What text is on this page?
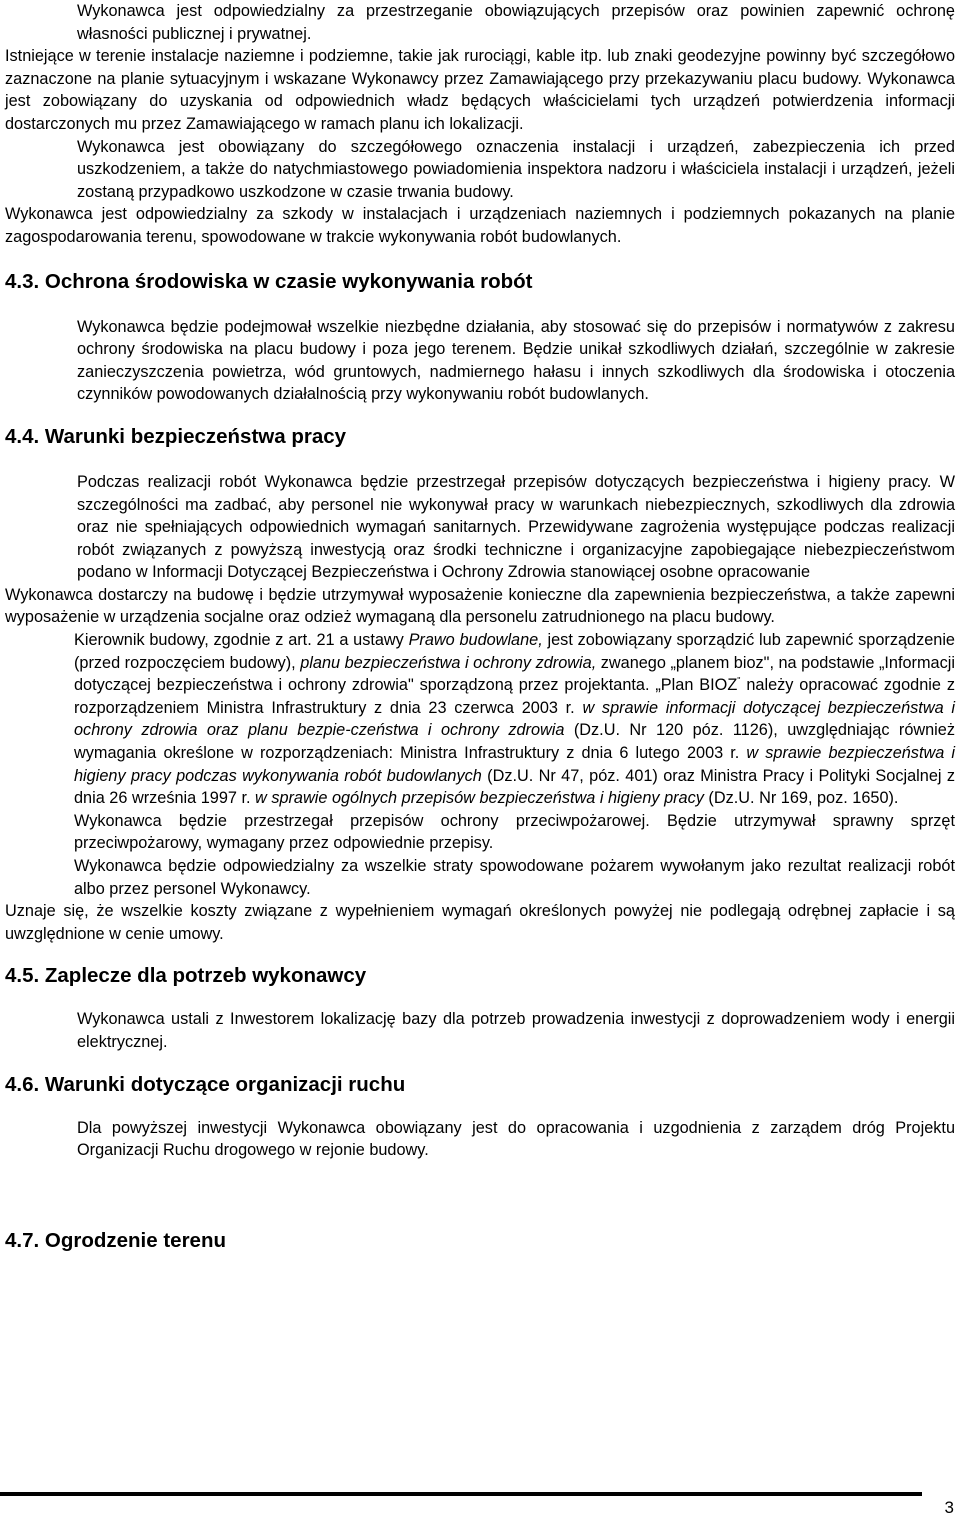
Wykonawca jest odpowiedzialny za przestrzeganie obowiązujących przepisów oraz powinien zapewnić ochronę własności publicznej i prywatnej.

Istniejące w terenie instalacje naziemne i podziemne, takie jak rurociągi, kable itp. lub znaki geodezyjne powinny być szczegółowo zaznaczone na planie sytuacyjnym i wskazane Wykonawcy przez Zamawiającego przy przekazywaniu placu budowy. Wykonawca jest zobowiązany do uzyskania od odpowiednich władz będących właścicielami tych urządzeń potwierdzenia informacji dostarczonych mu przez Zamawiającego w ramach planu ich lokalizacji.

Wykonawca jest obowiązany do szczegółowego oznaczenia instalacji i urządzeń, zabezpieczenia ich przed uszkodzeniem, a także do natychmiastowego powiadomienia inspektora nadzoru i właściciela instalacji i urządzeń, jeżeli zostaną przypadkowo uszkodzone w czasie trwania budowy.

Wykonawca jest odpowiedzialny za szkody w instalacjach i urządzeniach naziemnych i podziemnych pokazanych na planie zagospodarowania terenu, spowodowane w trakcie wykonywania robót budowlanych.

4.3. Ochrona środowiska w czasie wykonywania robót

Wykonawca będzie podejmował wszelkie niezbędne działania, aby stosować się do przepisów i normatywów z zakresu ochrony środowiska na placu budowy i poza jego terenem. Będzie unikał szkodliwych działań, szczególnie w zakresie zanieczyszczenia powietrza, wód gruntowych, nadmiernego hałasu i innych szkodliwych dla środowiska i otoczenia czynników powodowanych działalnością przy wykonywaniu robót budowlanych.

4.4. Warunki bezpieczeństwa pracy

Podczas realizacji robót Wykonawca będzie przestrzegał przepisów dotyczących bezpieczeństwa i higieny pracy. W szczególności ma zadbać, aby personel nie wykonywał pracy w warunkach niebezpiecznych, szkodliwych dla zdrowia oraz nie spełniających odpowiednich wymagań sanitarnych. Przewidywane zagrożenia występujące podczas realizacji robót związanych z powyższą inwestycją oraz środki techniczne i organizacyjne zapobiegające niebezpieczeństwom podano w Informacji Dotyczącej Bezpieczeństwa i Ochrony Zdrowia stanowiącej osobne opracowanie

Wykonawca dostarczy na budowę i będzie utrzymywał wyposażenie konieczne dla zapewnienia bezpieczeństwa, a także zapewni wyposażenie w urządzenia socjalne oraz odzież wymaganą dla personelu zatrudnionego na placu budowy.

Kierownik budowy, zgodnie z art. 21 a ustawy Prawo budowlane, jest zobowiązany sporządzić lub zapewnić sporządzenie (przed rozpoczęciem budowy), planu bezpieczeństwa i ochrony zdrowia, zwanego „planem bioz", na podstawie „Informacji dotyczącej bezpieczeństwa i ochrony zdrowia" sporządzoną przez projektanta. „Plan BIOZ" należy opracować zgodnie z rozporządzeniem Ministra Infrastruktury z dnia 23 czerwca 2003 r. w sprawie informacji dotyczącej bezpieczeństwa i ochrony zdrowia oraz planu bezpie-czeństwa i ochrony zdrowia (Dz.U. Nr 120 póz. 1126), uwzględniając również wymagania określone w rozporządzeniach: Ministra Infrastruktury z dnia 6 lutego 2003 r. w sprawie bezpieczeństwa i higieny pracy podczas wykonywania robót budowlanych (Dz.U. Nr 47, póz. 401) oraz Ministra Pracy i Polityki Socjalnej z dnia 26 września 1997 r. w sprawie ogólnych przepisów bezpieczeństwa i higieny pracy (Dz.U. Nr 169, poz. 1650).

Wykonawca będzie przestrzegał przepisów ochrony przeciwpożarowej. Będzie utrzymywał sprawny sprzęt przeciwpożarowy, wymagany przez odpowiednie przepisy.

Wykonawca będzie odpowiedzialny za wszelkie straty spowodowane pożarem wywołanym jako rezultat realizacji robót albo przez personel Wykonawcy.

Uznaje się, że wszelkie koszty związane z wypełnieniem wymagań określonych powyżej nie podlegają odrębnej zapłacie i są uwzględnione w cenie umowy.

4.5. Zaplecze dla potrzeb wykonawcy

Wykonawca ustali z Inwestorem lokalizację bazy dla potrzeb prowadzenia inwestycji z doprowadzeniem wody i energii elektrycznej.

4.6. Warunki dotyczące organizacji ruchu

Dla powyższej inwestycji Wykonawca obowiązany jest do opracowania i uzgodnienia z zarządem dróg Projektu Organizacji Ruchu drogowego w rejonie budowy.

4.7. Ogrodzenie terenu
3
